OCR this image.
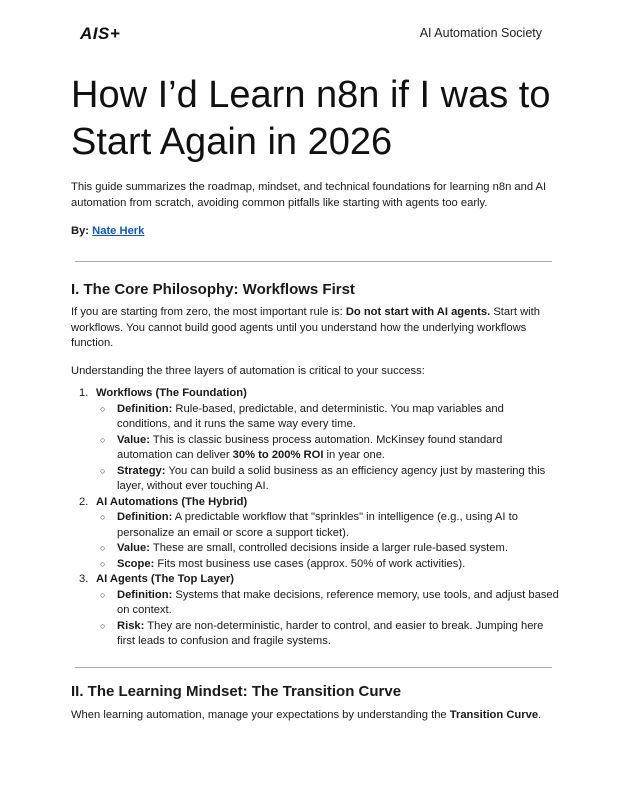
AIS+	AI Automation Society
How I’d Learn n8n if I was to Start Again in 2026

This guide summarizes the roadmap, mindset, and technical foundations for learning n8n and AI automation from scratch, avoiding common pitfalls like starting with agents too early.

By: Nate Herk
I. The Core Philosophy: Workflows First

If you are starting from zero, the most important rule is: Do not start with AI agents. Start with workflows. You cannot build good agents until you understand how the underlying workflows function.

Understanding the three layers of automation is critical to your success:

1. Workflows (The Foundation)
○ Definition: Rule-based, predictable, and deterministic. You map variables and conditions, and it runs the same way every time.
○ Value: This is classic business process automation. McKinsey found standard automation can deliver 30% to 200% ROI in year one.
○ Strategy: You can build a solid business as an efficiency agency just by mastering this layer, without ever touching AI.
2. AI Automations (The Hybrid)
○ Definition: A predictable workflow that "sprinkles" in intelligence (e.g., using AI to personalize an email or score a support ticket).
○ Value: These are small, controlled decisions inside a larger rule-based system.
○ Scope: Fits most business use cases (approx. 50% of work activities).
3. AI Agents (The Top Layer)
○ Definition: Systems that make decisions, reference memory, use tools, and adjust based on context.
○ Risk: They are non-deterministic, harder to control, and easier to break. Jumping here first leads to confusion and fragile systems.
II. The Learning Mindset: The Transition Curve

When learning automation, manage your expectations by understanding the Transition Curve.
